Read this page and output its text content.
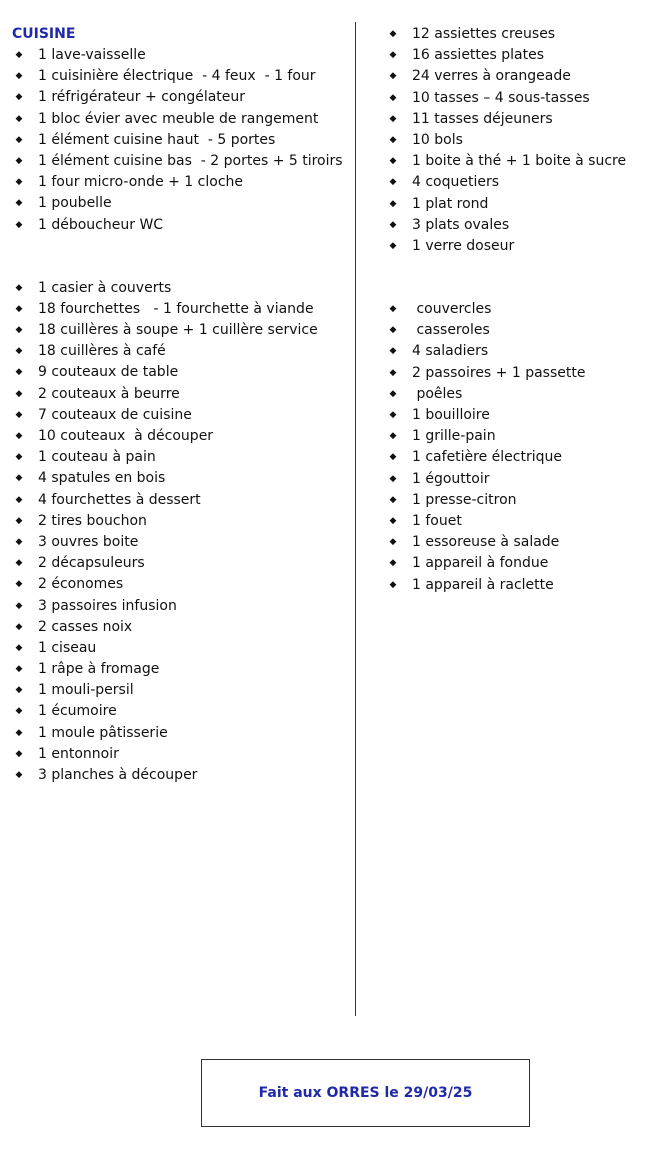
CUISINE
◆ 1 lave-vaisselle
◆ 1 cuisinière électrique  - 4 feux  - 1 four
◆ 1 réfrigérateur + congélateur
◆ 1 bloc évier avec meuble de rangement
◆ 1 élément cuisine haut  - 5 portes
◆ 1 élément cuisine bas  - 2 portes + 5 tiroirs
◆ 1 four micro-onde + 1 cloche
◆ 1 poubelle
◆ 1 déboucheur WC
◆ 1 casier à couverts
◆ 18 fourchettes   - 1 fourchette à viande
◆ 18 cuillères à soupe + 1 cuillère service
◆ 18 cuillères à café
◆ 9 couteaux de table
◆ 2 couteaux à beurre
◆ 7 couteaux de cuisine
◆ 10 couteaux  à découper
◆ 1 couteau à pain
◆ 4 spatules en bois
◆ 4 fourchettes à dessert
◆ 2 tires bouchon
◆ 3 ouvres boite
◆ 2 décapsuleurs
◆ 2 économes
◆ 3 passoires infusion
◆ 2 casses noix
◆ 1 ciseau
◆ 1 râpe à fromage
◆ 1 mouli-persil
◆ 1 écumoire
◆ 1 moule pâtisserie
◆ 1 entonnoir
◆ 3 planches à découper
◆ 12 assiettes creuses
◆ 16 assiettes plates
◆ 24 verres à orangeade
◆ 10 tasses – 4 sous-tasses
◆ 11 tasses déjeuners
◆ 10 bols
◆ 1 boite à thé + 1 boite à sucre
◆ 4 coquetiers
◆ 1 plat rond
◆ 3 plats ovales
◆ 1 verre doseur
◆ couvercles
◆ casseroles
◆ 4 saladiers
◆ 2 passoires + 1 passette
◆ poêles
◆ 1 bouilloire
◆ 1 grille-pain
◆ 1 cafetière électrique
◆ 1 égouttoir
◆ 1 presse-citron
◆ 1 fouet
◆ 1 essoreuse à salade
◆ 1 appareil à fondue
◆ 1 appareil à raclette
Fait aux ORRES le 29/03/25
